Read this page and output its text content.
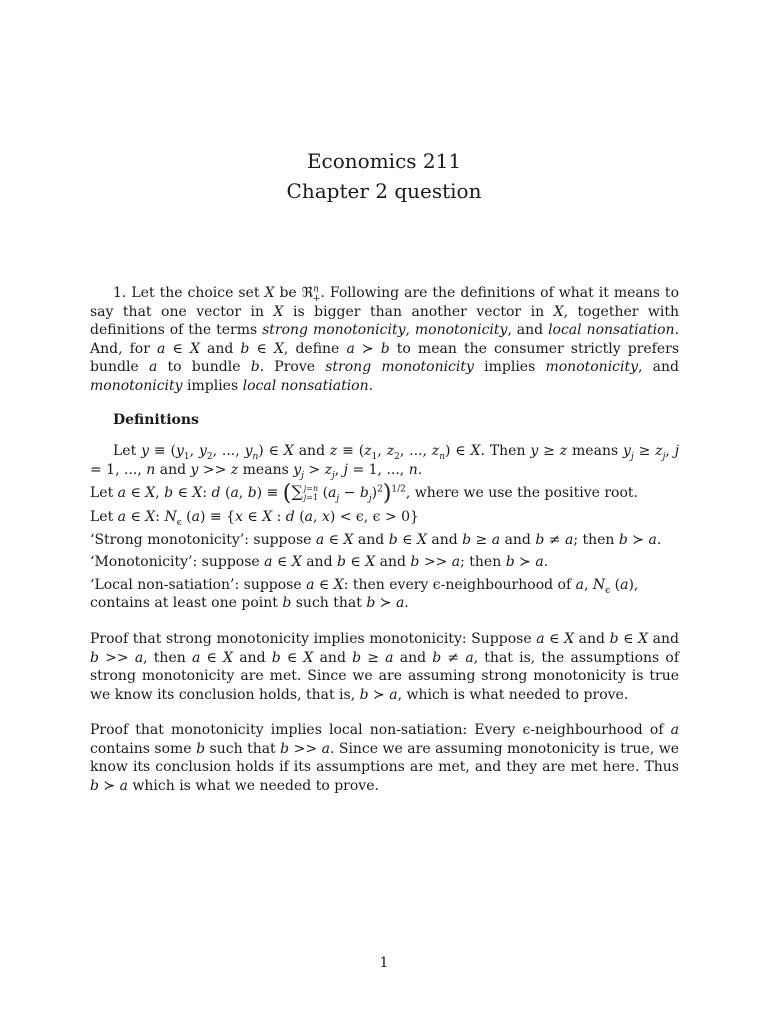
Economics 211
Chapter 2 question

1. Let the choice set X be ℜ$^n_+$. Following are the definitions of what it means to say that one vector in X is bigger than another vector in X, together with definitions of the terms strong monotonicity, monotonicity, and local nonsatiation. And, for a ∈ X and b ∈ X, define a ≻ b to mean the consumer strictly prefers bundle a to bundle b. Prove strong monotonicity implies monotonicity, and monotonicity implies local nonsatiation.

Definitions

Let $y \equiv (y_1$, $y_2$, ..., $y_n$) ∈ X and $z \equiv (z_1$, $z_2$, ..., $z_n$) ∈ X. Then y ≥ z means $y_j \ge z_j$, j = 1, ..., n and y >> z means $y_j > z_j$, j = 1, ..., n.

Let a ∈ X, b ∈ X: d (a, b) ≡ (∑j=n
j=1 $(a_j - b_j)^2)^{1/2}$, where we use the positive root.

Let a ∈ X: $N_\epsilon$ (a) ≡ {x ∈ X : d (a, x) < ϵ, ϵ > 0}

‘Strong monotonicity’: suppose a ∈ X and b ∈ X and b ≥ a and b ≠ a; then b ≻ a.

‘Monotonicity’: suppose a ∈ X and b ∈ X and b >> a; then b ≻ a.

‘Local non-satiation’: suppose a ∈ X: then every ϵ-neighbourhood of a, $N_\epsilon$ (a), contains at least one point b such that b ≻ a.

Proof that strong monotonicity implies monotonicity: Suppose a ∈ X and b ∈ X and b >> a, then a ∈ X and b ∈ X and b ≥ a and b ≠ a, that is, the assumptions of strong monotonicity are met. Since we are assuming strong monotonicity is true we know its conclusion holds, that is, b ≻ a, which is what needed to prove.

Proof that monotonicity implies local non-satiation: Every ϵ-neighbourhood of a contains some b such that b >> a. Since we are assuming monotonicity is true, we know its conclusion holds if its assumptions are met, and they are met here. Thus b ≻ a which is what we needed to prove.

1
